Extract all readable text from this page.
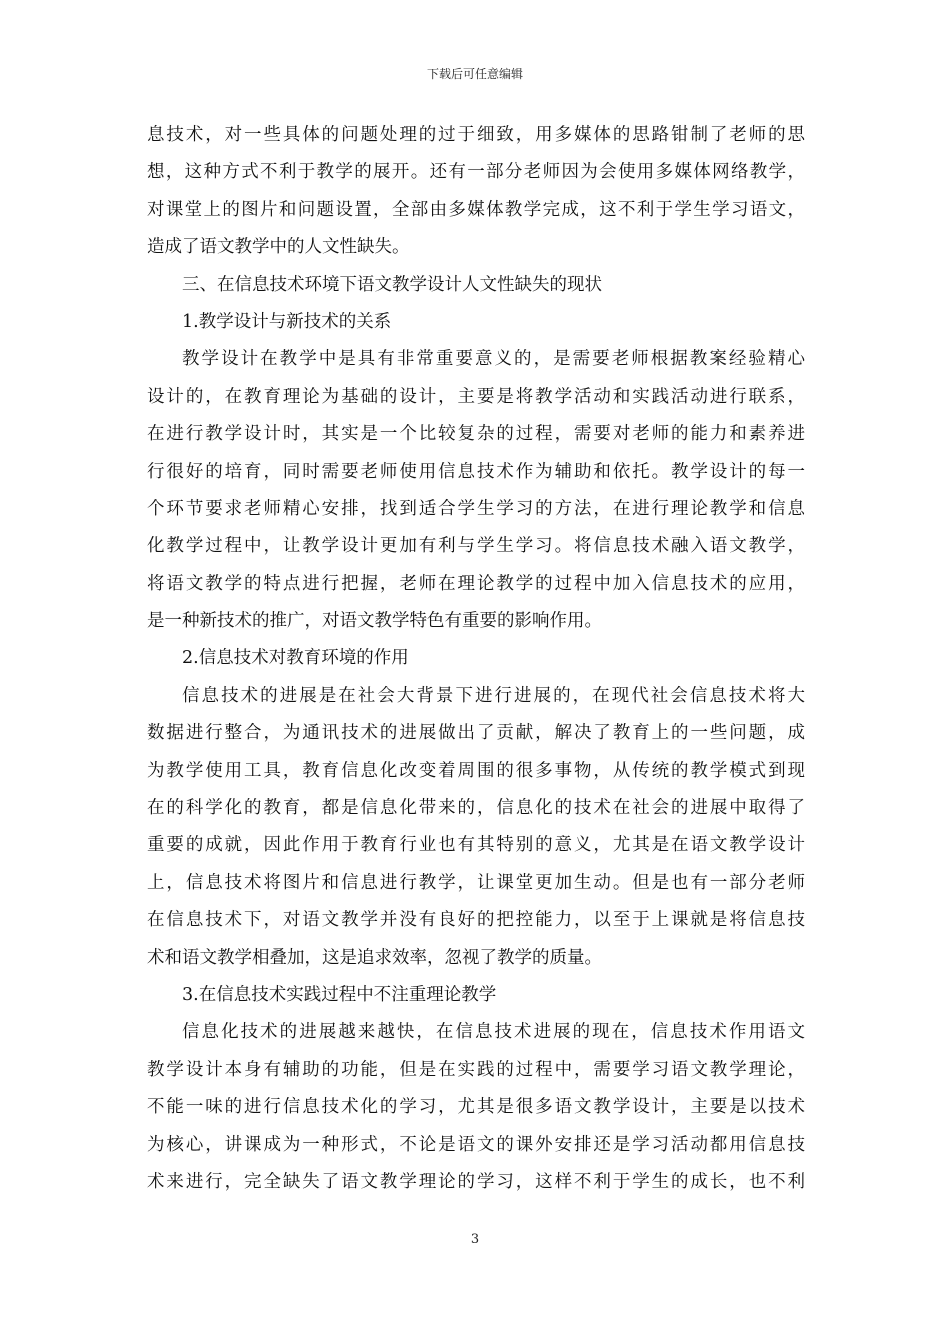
下载后可任意编辑
息技术，对一些具体的问题处理的过于细致，用多媒体的思路钳制了老师的思
想，这种方式不利于教学的展开。还有一部分老师因为会使用多媒体网络教学，
对课堂上的图片和问题设置，全部由多媒体教学完成，这不利于学生学习语文，
造成了语文教学中的人文性缺失。
三、在信息技术环境下语文教学设计人文性缺失的现状
1.教学设计与新技术的关系
教学设计在教学中是具有非常重要意义的，是需要老师根据教案经验精心
设计的，在教育理论为基础的设计，主要是将教学活动和实践活动进行联系，
在进行教学设计时，其实是一个比较复杂的过程，需要对老师的能力和素养进
行很好的培育，同时需要老师使用信息技术作为辅助和依托。教学设计的每一
个环节要求老师精心安排，找到适合学生学习的方法，在进行理论教学和信息
化教学过程中，让教学设计更加有利与学生学习。将信息技术融入语文教学，
将语文教学的特点进行把握，老师在理论教学的过程中加入信息技术的应用，
是一种新技术的推广，对语文教学特色有重要的影响作用。
2.信息技术对教育环境的作用
信息技术的进展是在社会大背景下进行进展的，在现代社会信息技术将大
数据进行整合，为通讯技术的进展做出了贡献，解决了教育上的一些问题，成
为教学使用工具，教育信息化改变着周围的很多事物，从传统的教学模式到现
在的科学化的教育，都是信息化带来的，信息化的技术在社会的进展中取得了
重要的成就，因此作用于教育行业也有其特别的意义，尤其是在语文教学设计
上，信息技术将图片和信息进行教学，让课堂更加生动。但是也有一部分老师
在信息技术下，对语文教学并没有良好的把控能力，以至于上课就是将信息技
术和语文教学相叠加，这是追求效率，忽视了教学的质量。
3.在信息技术实践过程中不注重理论教学
信息化技术的进展越来越快，在信息技术进展的现在，信息技术作用语文
教学设计本身有辅助的功能，但是在实践的过程中，需要学习语文教学理论，
不能一味的进行信息技术化的学习，尤其是很多语文教学设计，主要是以技术
为核心，讲课成为一种形式，不论是语文的课外安排还是学习活动都用信息技
术来进行，完全缺失了语文教学理论的学习，这样不利于学生的成长，也不利
3
